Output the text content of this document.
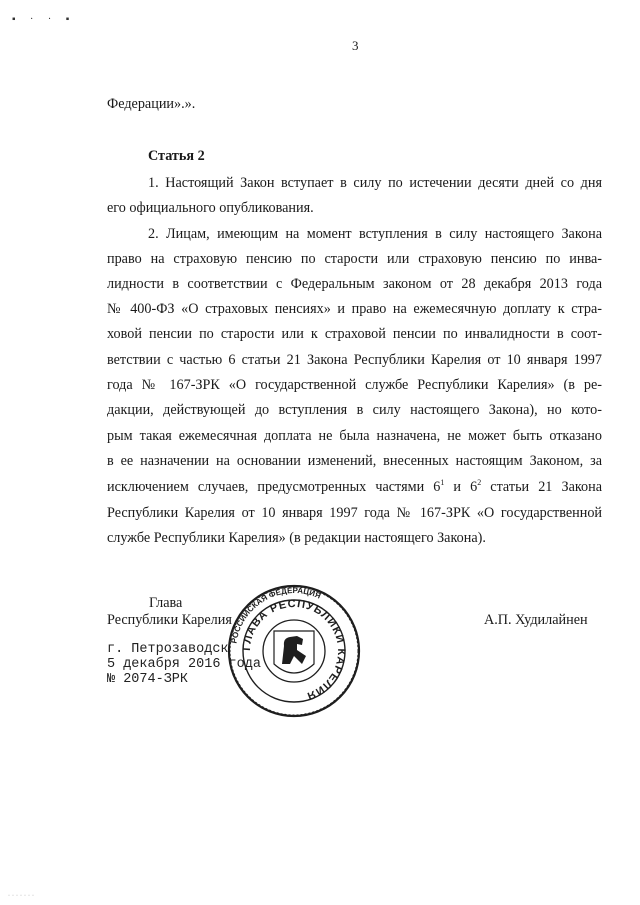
▪ · · ▪
3
Федерации».».
Статья 2
1. Настоящий Закон вступает в силу по истечении десяти дней со дня
его официального опубликования.
2. Лицам, имеющим на момент вступления в силу настоящего Закона
право на страховую пенсию по старости или страховую пенсию по инва-
лидности в соответствии с Федеральным законом от 28 декабря 2013 года
№ 400-ФЗ «О страховых пенсиях» и право на ежемесячную доплату к стра-
ховой пенсии по старости или к страховой пенсии по инвалидности в соот-
ветствии с частью 6 статьи 21 Закона Республики Карелия от 10 января 1997
года № 167-ЗРК «О государственной службе Республики Карелия» (в ре-
дакции, действующей до вступления в силу настоящего Закона), но кото-
рым такая ежемесячная доплата не была назначена, не может быть отказано
в ее назначении на основании изменений, внесенных настоящим Законом, за
исключением случаев, предусмотренных частями $6^1$ и $6^2$ статьи 21 Закона
Республики Карелия от 10 января 1997 года № 167-ЗРК «О государственной
службе Республики Карелия» (в редакции настоящего Закона).
Глава
Республики Карелия	А.П. Худилайнен
г. Петрозаводск
5 декабря 2016 года
№ 2074-ЗРК
РОССИЙСКАЯ ФЕДЕРАЦИЯ
ГЛАВА РЕСПУБЛИКИ КАРЕЛИЯ
·······
